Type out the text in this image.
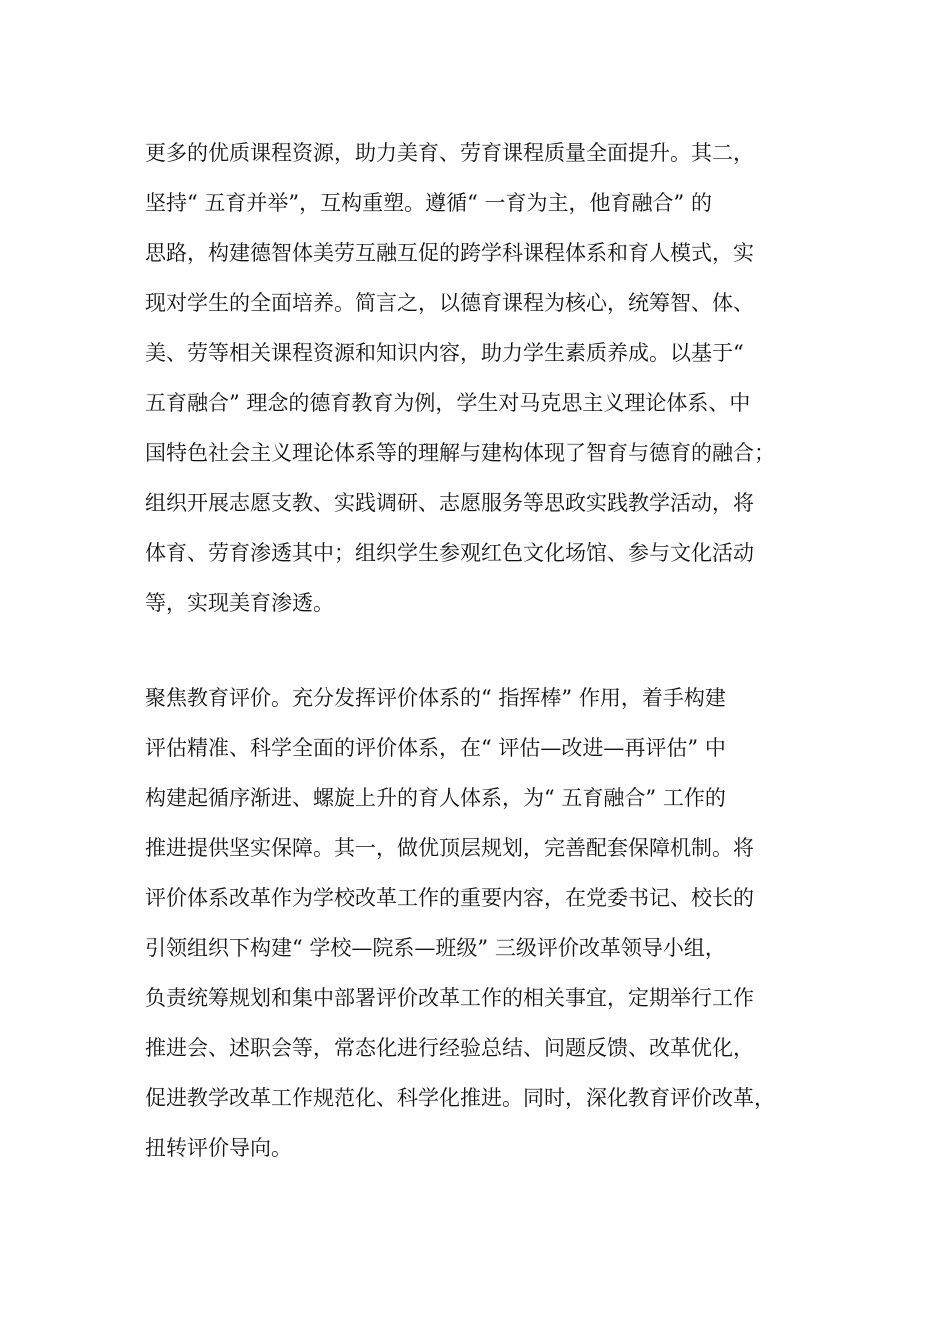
更多的优质课程资源，助力美育、劳育课程质量全面提升。其二，
坚持“ 五育并举”，互构重塑。遵循“ 一育为主，他育融合” 的
思路，构建德智体美劳互融互促的跨学科课程体系和育人模式，实
现对学生的全面培养。简言之，以德育课程为核心，统筹智、体、
美、劳等相关课程资源和知识内容，助力学生素质养成。以基于“
五育融合” 理念的德育教育为例，学生对马克思主义理论体系、中
国特色社会主义理论体系等的理解与建构体现了智育与德育的融合；
组织开展志愿支教、实践调研、志愿服务等思政实践教学活动，将
体育、劳育渗透其中；组织学生参观红色文化场馆、参与文化活动
等，实现美育渗透。
聚焦教育评价。充分发挥评价体系的“ 指挥棒” 作用，着手构建
评估精准、科学全面的评价体系，在“ 评估—改进—再评估” 中
构建起循序渐进、螺旋上升的育人体系，为“ 五育融合” 工作的
推进提供坚实保障。其一，做优顶层规划，完善配套保障机制。将
评价体系改革作为学校改革工作的重要内容，在党委书记、校长的
引领组织下构建“ 学校—院系—班级” 三级评价改革领导小组，
负责统筹规划和集中部署评价改革工作的相关事宜，定期举行工作
推进会、述职会等，常态化进行经验总结、问题反馈、改革优化，
促进教学改革工作规范化、科学化推进。同时，深化教育评价改革，
扭转评价导向。
